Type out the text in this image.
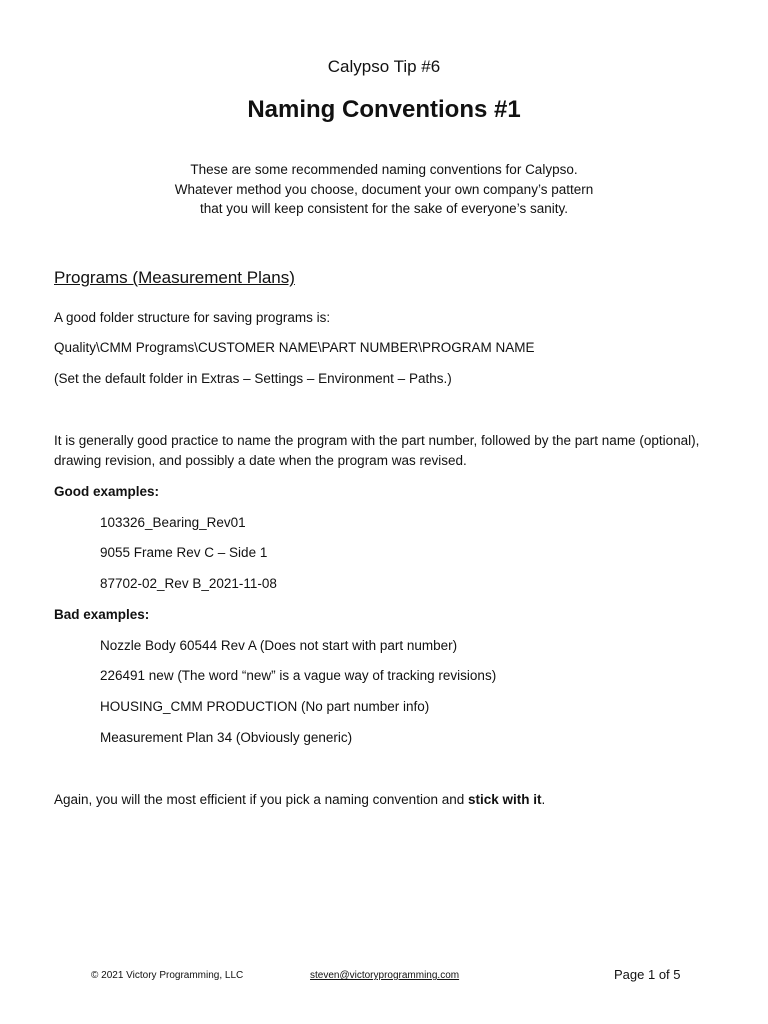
Calypso Tip #6
Naming Conventions #1
These are some recommended naming conventions for Calypso.
Whatever method you choose, document your own company’s pattern
that you will keep consistent for the sake of everyone’s sanity.
Programs (Measurement Plans)
A good folder structure for saving programs is:
Quality\CMM Programs\CUSTOMER NAME\PART NUMBER\PROGRAM NAME
(Set the default folder in Extras – Settings – Environment – Paths.)
It is generally good practice to name the program with the part number, followed by the part name (optional), drawing revision, and possibly a date when the program was revised.
Good examples:
103326_Bearing_Rev01
9055 Frame Rev C – Side 1
87702-02_Rev B_2021-11-08
Bad examples:
Nozzle Body 60544 Rev A (Does not start with part number)
226491 new (The word “new” is a vague way of tracking revisions)
HOUSING_CMM PRODUCTION (No part number info)
Measurement Plan 34 (Obviously generic)
Again, you will the most efficient if you pick a naming convention and stick with it.
© 2021 Victory Programming, LLC	steven@victoryprogramming.com	Page 1 of 5
